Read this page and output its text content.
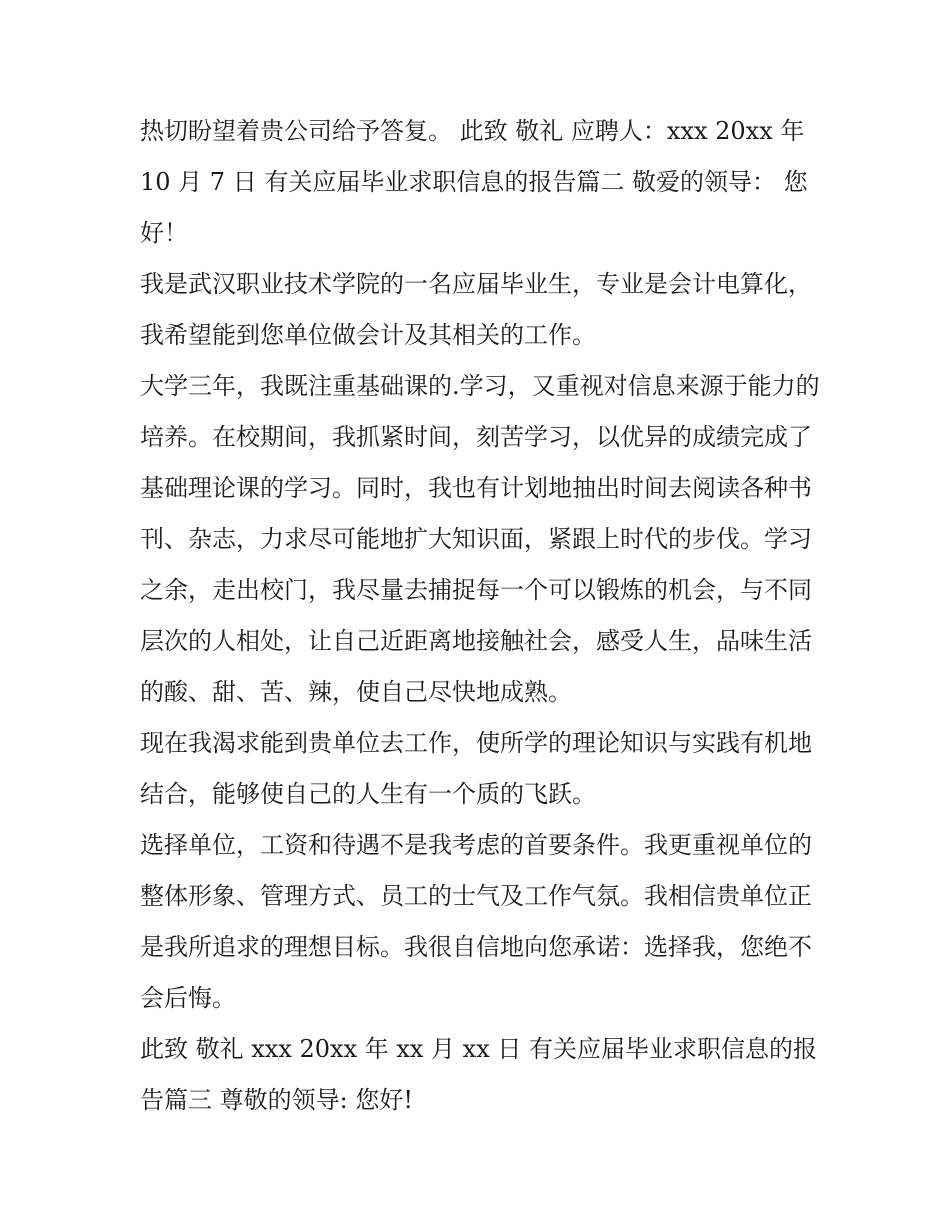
热切盼望着贵公司给予答复。 此致 敬礼 应聘人：xxx 20xx 年 10 月 7 日 有关应届毕业求职信息的报告篇二 敬爱的领导： 您好！

我是武汉职业技术学院的一名应届毕业生，专业是会计电算化，我希望能到您单位做会计及其相关的工作。

大学三年，我既注重基础课的.学习，又重视对信息来源于能力的培养。在校期间，我抓紧时间，刻苦学习，以优异的成绩完成了基础理论课的学习。同时，我也有计划地抽出时间去阅读各种书刊、杂志，力求尽可能地扩大知识面，紧跟上时代的步伐。学习之余，走出校门，我尽量去捕捉每一个可以锻炼的机会，与不同层次的人相处，让自己近距离地接触社会，感受人生，品味生活的酸、甜、苦、辣，使自己尽快地成熟。

现在我渴求能到贵单位去工作，使所学的理论知识与实践有机地结合，能够使自己的人生有一个质的飞跃。

选择单位，工资和待遇不是我考虑的首要条件。我更重视单位的整体形象、管理方式、员工的士气及工作气氛。我相信贵单位正是我所追求的理想目标。我很自信地向您承诺：选择我，您绝不会后悔。

此致 敬礼 xxx 20xx 年 xx 月 xx 日 有关应届毕业求职信息的报告篇三 尊敬的领导: 您好!
